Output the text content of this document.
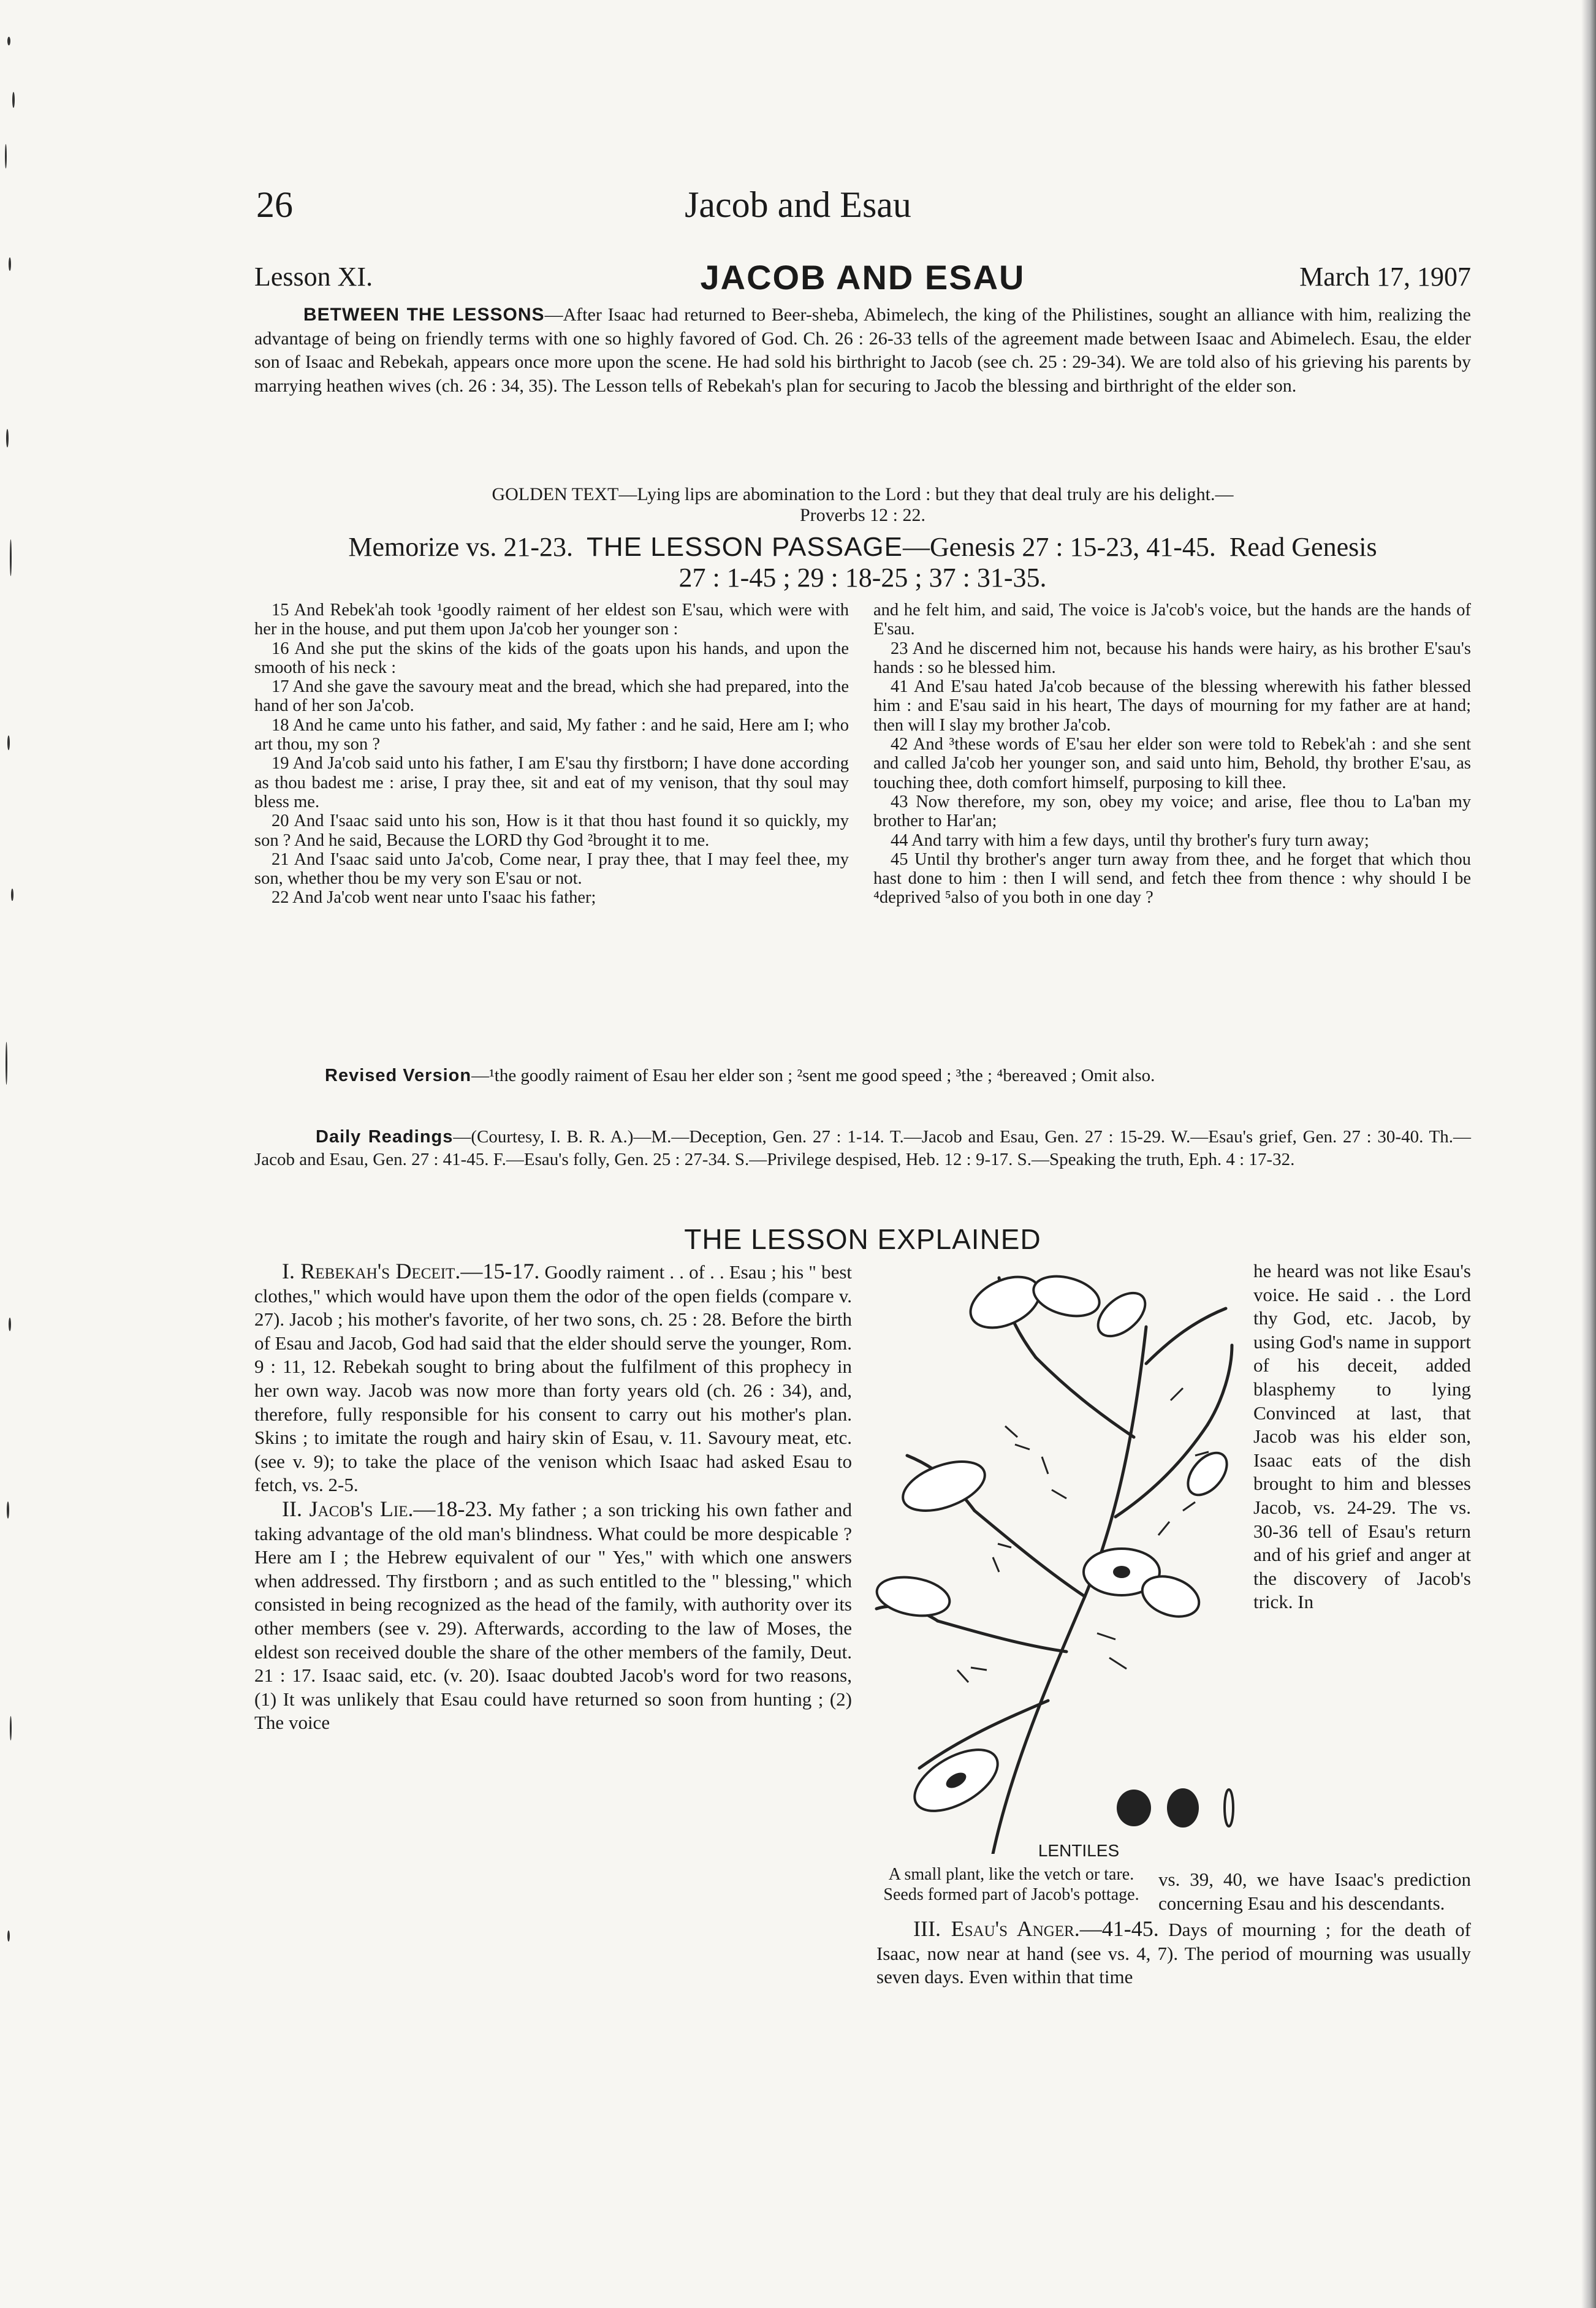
26	Jacob and Esau
Lesson XI.	JACOB AND ESAU	March 17, 1907
BETWEEN THE LESSONS—After Isaac had returned to Beer-sheba, Abimelech, the king of the Philistines, sought an alliance with him, realizing the advantage of being on friendly terms with one so highly favored of God. Ch. 26 : 26-33 tells of the agreement made between Isaac and Abimelech. Esau, the elder son of Isaac and Rebekah, appears once more upon the scene. He had sold his birthright to Jacob (see ch. 25 : 29-34). We are told also of his grieving his parents by marrying heathen wives (ch. 26 : 34, 35). The Lesson tells of Rebekah's plan for securing to Jacob the blessing and birthright of the elder son.
GOLDEN TEXT—Lying lips are abomination to the Lord : but they that deal truly are his delight.—
Proverbs 12 : 22.
Memorize vs. 21-23. THE LESSON PASSAGE—Genesis 27 : 15-23, 41-45. Read Genesis
27 : 1-45 ; 29 : 18-25 ; 37 : 31-35.

15 And Rebek'ah took ¹goodly raiment of her eldest son E'sau, which were with her in the house, and put them upon Ja'cob her younger son :

16 And she put the skins of the kids of the goats upon his hands, and upon the smooth of his neck :

17 And she gave the savoury meat and the bread, which she had prepared, into the hand of her son Ja'cob.

18 And he came unto his father, and said, My father : and he said, Here am I; who art thou, my son ?

19 And Ja'cob said unto his father, I am E'sau thy firstborn; I have done according as thou badest me : arise, I pray thee, sit and eat of my venison, that thy soul may bless me.

20 And I'saac said unto his son, How is it that thou hast found it so quickly, my son ? And he said, Because the LORD thy God ²brought it to me.

21 And I'saac said unto Ja'cob, Come near, I pray thee, that I may feel thee, my son, whether thou be my very son E'sau or not.

22 And Ja'cob went near unto I'saac his father;

and he felt him, and said, The voice is Ja'cob's voice, but the hands are the hands of E'sau.

23 And he discerned him not, because his hands were hairy, as his brother E'sau's hands : so he blessed him.

41 And E'sau hated Ja'cob because of the blessing wherewith his father blessed him : and E'sau said in his heart, The days of mourning for my father are at hand; then will I slay my brother Ja'cob.

42 And ³these words of E'sau her elder son were told to Rebek'ah : and she sent and called Ja'cob her younger son, and said unto him, Behold, thy brother E'sau, as touching thee, doth comfort himself, purposing to kill thee.

43 Now therefore, my son, obey my voice; and arise, flee thou to La'ban my brother to Har'an;

44 And tarry with him a few days, until thy brother's fury turn away;

45 Until thy brother's anger turn away from thee, and he forget that which thou hast done to him : then I will send, and fetch thee from thence : why should I be ⁴deprived ⁵also of you both in one day ?

Revised Version—¹the goodly raiment of Esau her elder son ; ²sent me good speed ; ³the ; ⁴bereaved ; Omit also.
Daily Readings—(Courtesy, I. B. R. A.)—M.—Deception, Gen. 27 : 1-14. T.—Jacob and Esau, Gen. 27 : 15-29. W.—Esau's grief, Gen. 27 : 30-40. Th.—Jacob and Esau, Gen. 27 : 41-45. F.—Esau's folly, Gen. 25 : 27-34. S.—Privilege despised, Heb. 12 : 9-17. S.—Speaking the truth, Eph. 4 : 17-32.
THE LESSON EXPLAINED

I. Rebekah's Deceit.—15-17. Goodly raiment . . of . . Esau ; his " best clothes," which would have upon them the odor of the open fields (compare v. 27). Jacob ; his mother's favorite, of her two sons, ch. 25 : 28. Before the birth of Esau and Jacob, God had said that the elder should serve the younger, Rom. 9 : 11, 12. Rebekah sought to bring about the fulfilment of this prophecy in her own way. Jacob was now more than forty years old (ch. 26 : 34), and, therefore, fully responsible for his consent to carry out his mother's plan. Skins ; to imitate the rough and hairy skin of Esau, v. 11. Savoury meat, etc. (see v. 9); to take the place of the venison which Isaac had asked Esau to fetch, vs. 2-5.

II. Jacob's Lie.—18-23. My father ; a son tricking his own father and taking advantage of the old man's blindness. What could be more despicable ? Here am I ; the Hebrew equivalent of our " Yes," with which one answers when addressed. Thy firstborn ; and as such entitled to the " blessing," which consisted in being recognized as the head of the family, with authority over its other members (see v. 29). Afterwards, according to the law of Moses, the eldest son received double the share of the other members of the family, Deut. 21 : 17. Isaac said, etc. (v. 20). Isaac doubted Jacob's word for two reasons, (1) It was unlikely that Esau could have returned so soon from hunting ; (2) The voice

he heard was not like Esau's voice. He said . . the Lord thy God, etc. Jacob, by using God's name in support of his deceit, added blasphemy to lying Convinced at last, that Jacob was his elder son, Isaac eats of the dish brought to him and blesses Jacob, vs. 24-29. The vs. 30-36 tell of Esau's return and of his grief and anger at the discovery of Jacob's trick. In
LENTILES
A small plant, like the vetch or tare. Seeds formed part of Jacob's pottage.
vs. 39, 40, we have Isaac's prediction concerning Esau and his descendants.

III. Esau's Anger.—41-45. Days of mourning ; for the death of Isaac, now near at hand (see vs. 4, 7). The period of mourning was usually seven days. Even within that time
